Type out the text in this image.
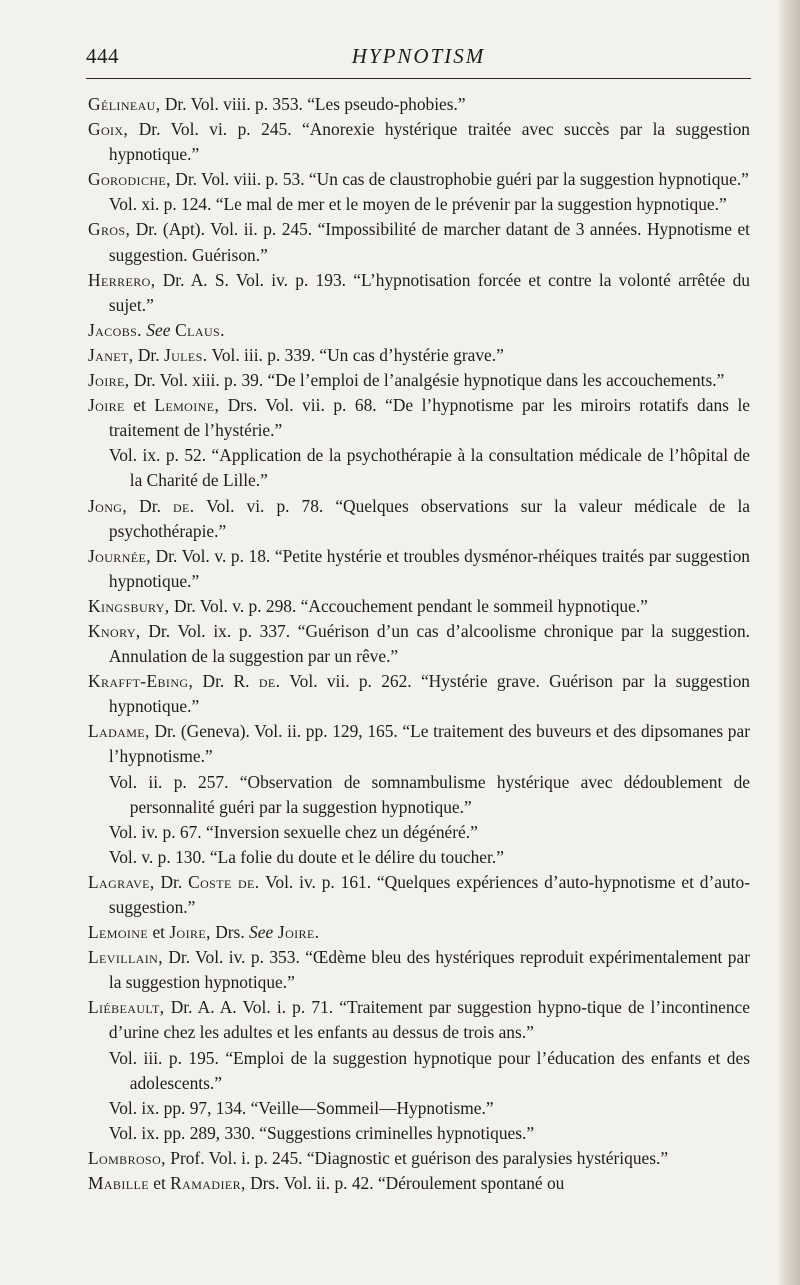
444	HYPNOTISM

Gélineau, Dr. Vol. viii. p. 353. “Les pseudo-phobies.”

Goix, Dr. Vol. vi. p. 245. “Anorexie hystérique traitée avec succès par la suggestion hypnotique.”

Gorodiche, Dr. Vol. viii. p. 53. “Un cas de claustrophobie guéri par la suggestion hypnotique.”

Vol. xi. p. 124. “Le mal de mer et le moyen de le prévenir par la suggestion hypnotique.”

Gros, Dr. (Apt). Vol. ii. p. 245. “Impossibilité de marcher datant de 3 années. Hypnotisme et suggestion. Guérison.”

Herrero, Dr. A. S. Vol. iv. p. 193. “L’hypnotisation forcée et contre la volonté arrêtée du sujet.”

Jacobs. See Claus.

Janet, Dr. Jules. Vol. iii. p. 339. “Un cas d’hystérie grave.”

Joire, Dr. Vol. xiii. p. 39. “De l’emploi de l’analgésie hypnotique dans les accouchements.”

Joire et Lemoine, Drs. Vol. vii. p. 68. “De l’hypnotisme par les miroirs rotatifs dans le traitement de l’hystérie.”

Vol. ix. p. 52. “Application de la psychothérapie à la consultation médicale de l’hôpital de la Charité de Lille.”

Jong, Dr. de. Vol. vi. p. 78. “Quelques observations sur la valeur médicale de la psychothérapie.”

Journée, Dr. Vol. v. p. 18. “Petite hystérie et troubles dysménor-rhéiques traités par suggestion hypnotique.”

Kingsbury, Dr. Vol. v. p. 298. “Accouchement pendant le sommeil hypnotique.”

Knory, Dr. Vol. ix. p. 337. “Guérison d’un cas d’alcoolisme chronique par la suggestion. Annulation de la suggestion par un rêve.”

Krafft-Ebing, Dr. R. de. Vol. vii. p. 262. “Hystérie grave. Guérison par la suggestion hypnotique.”

Ladame, Dr. (Geneva). Vol. ii. pp. 129, 165. “Le traitement des buveurs et des dipsomanes par l’hypnotisme.”

Vol. ii. p. 257. “Observation de somnambulisme hystérique avec dédoublement de personnalité guéri par la suggestion hypnotique.”

Vol. iv. p. 67. “Inversion sexuelle chez un dégénéré.”

Vol. v. p. 130. “La folie du doute et le délire du toucher.”

Lagrave, Dr. Coste de. Vol. iv. p. 161. “Quelques expériences d’auto-hypnotisme et d’auto-suggestion.”

Lemoine et Joire, Drs. See Joire.

Levillain, Dr. Vol. iv. p. 353. “Œdème bleu des hystériques reproduit expérimentalement par la suggestion hypnotique.”

Liébeault, Dr. A. A. Vol. i. p. 71. “Traitement par suggestion hypno-tique de l’incontinence d’urine chez les adultes et les enfants au dessus de trois ans.”

Vol. iii. p. 195. “Emploi de la suggestion hypnotique pour l’éducation des enfants et des adolescents.”

Vol. ix. pp. 97, 134. “Veille—Sommeil—Hypnotisme.”

Vol. ix. pp. 289, 330. “Suggestions criminelles hypnotiques.”

Lombroso, Prof. Vol. i. p. 245. “Diagnostic et guérison des paralysies hystériques.”

Mabille et Ramadier, Drs. Vol. ii. p. 42. “Déroulement spontané ou
